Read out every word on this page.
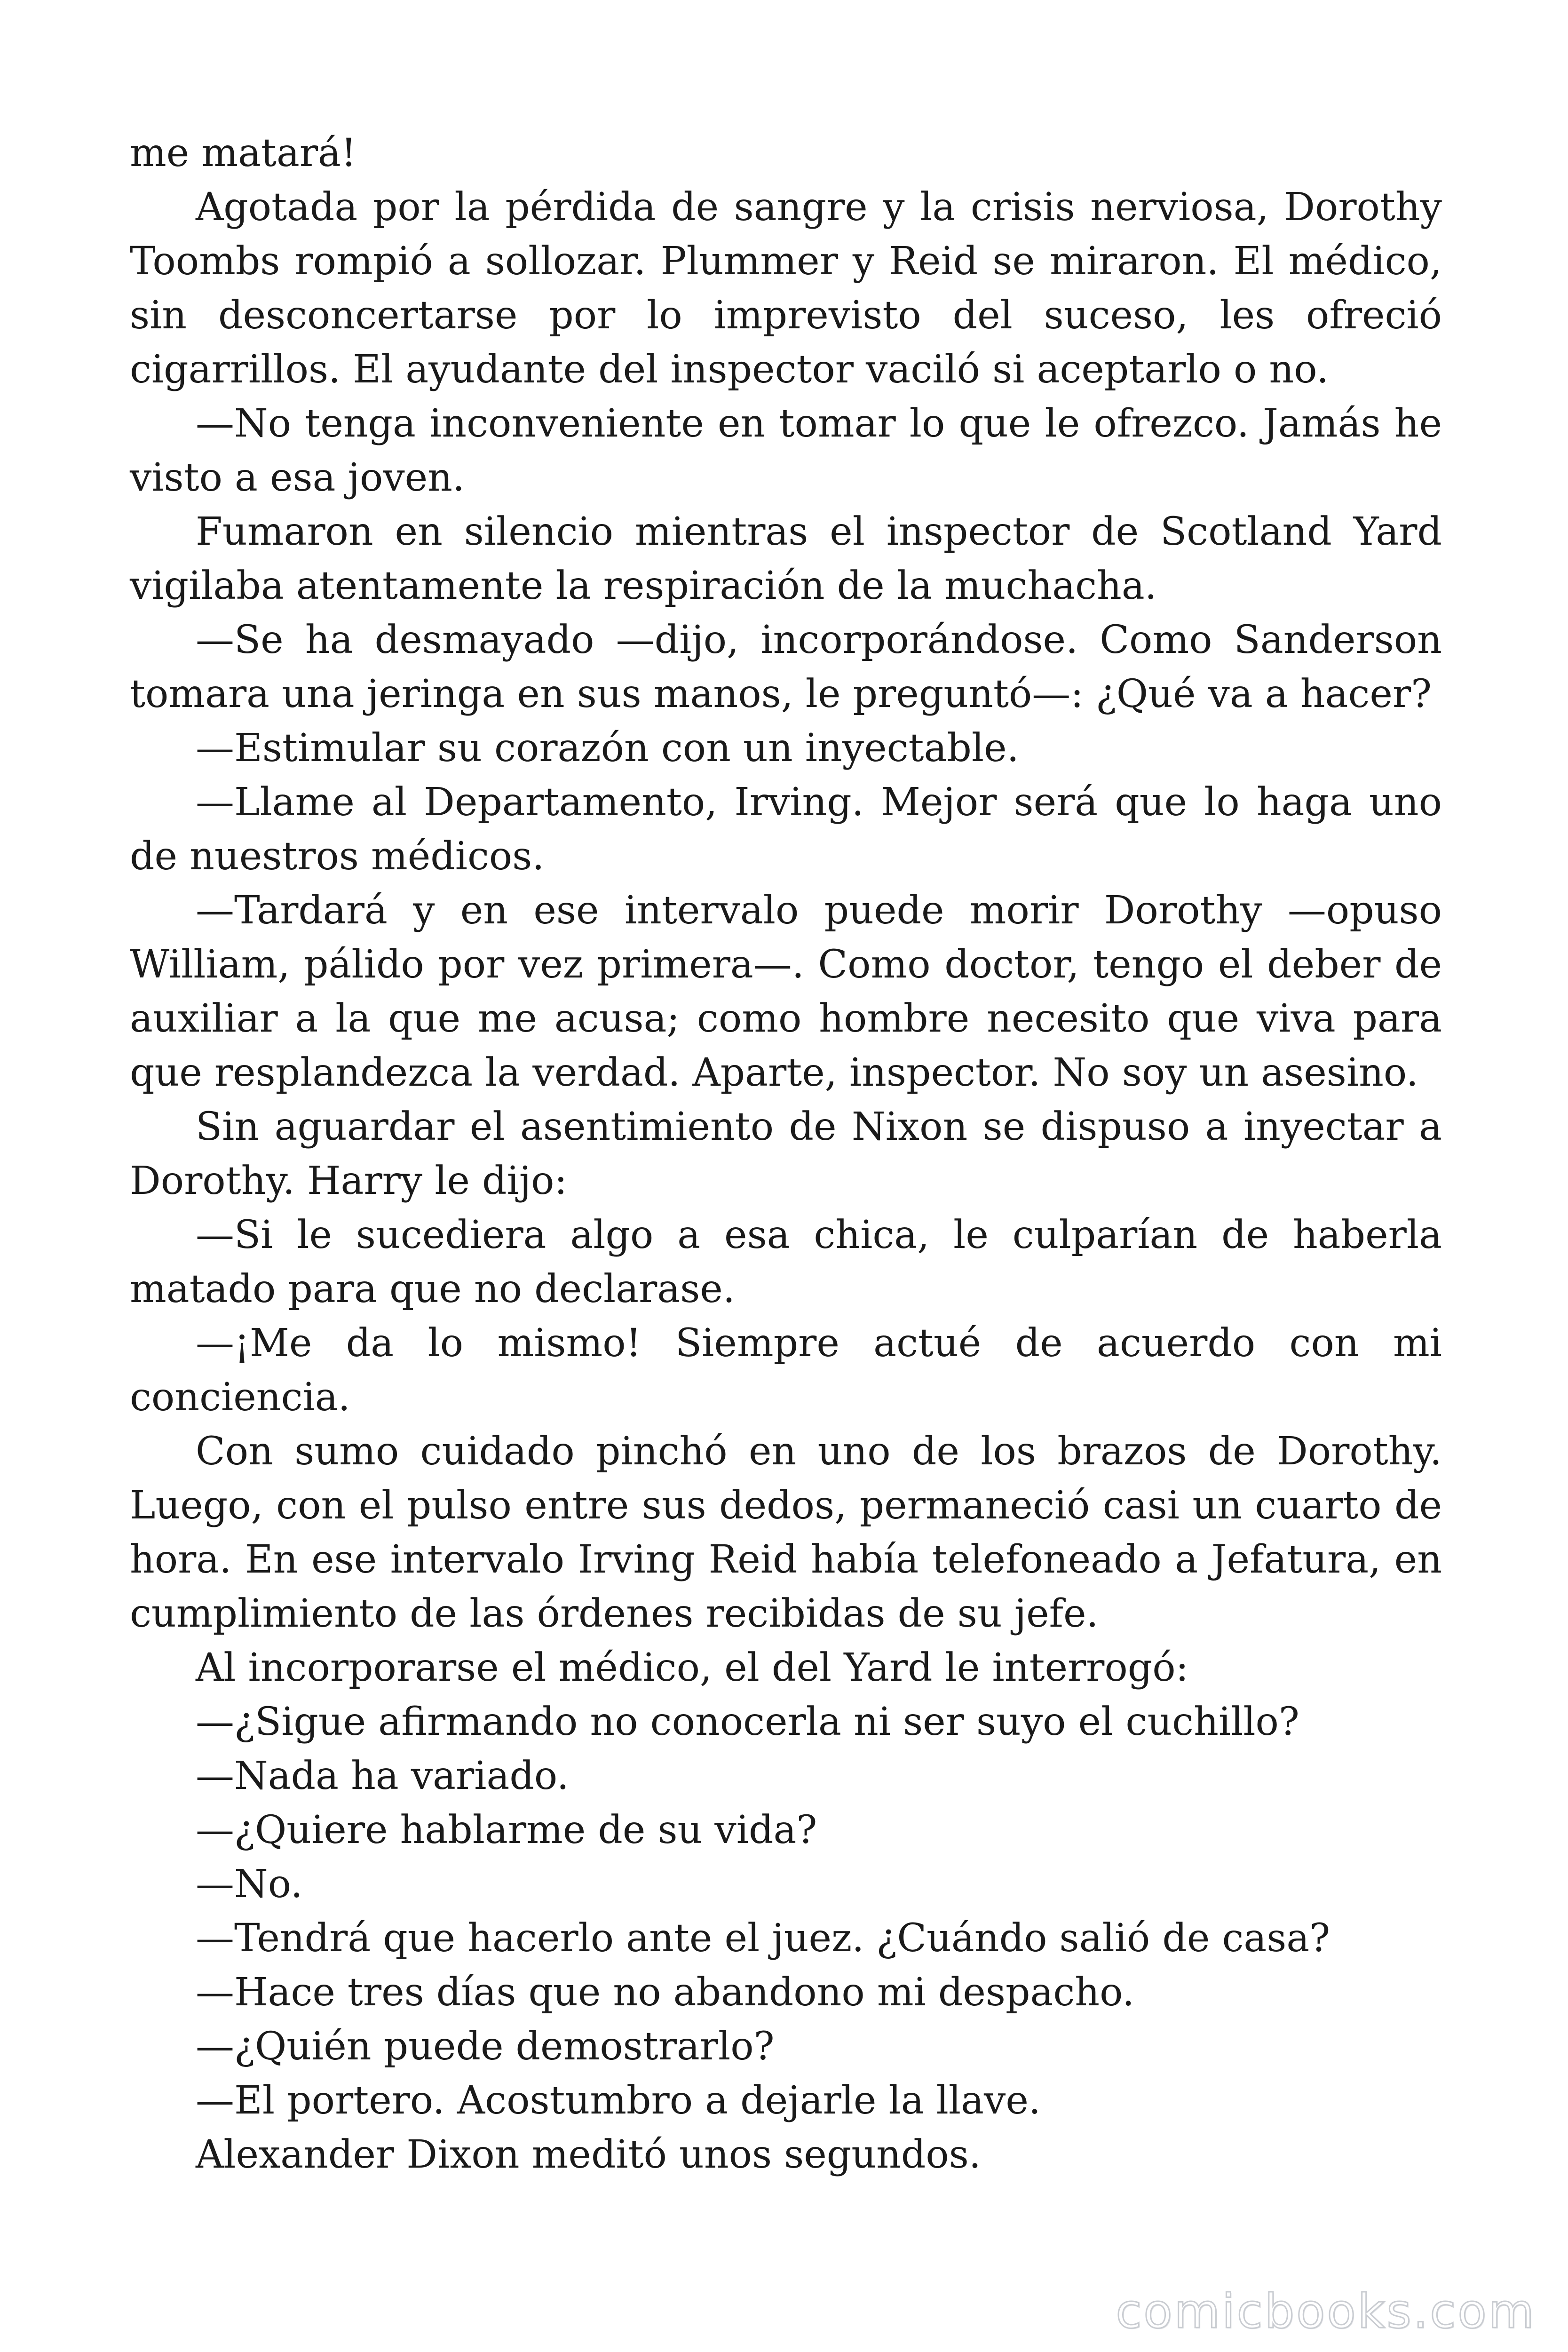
me matará!

Agotada por la pérdida de sangre y la crisis nerviosa, Dorothy Toombs rompió a sollozar. Plummer y Reid se miraron. El médico, sin desconcertarse por lo imprevisto del suceso, les ofreció cigarrillos. El ayudante del inspector vaciló si aceptarlo o no.

—No tenga inconveniente en tomar lo que le ofrezco. Jamás he visto a esa joven.

Fumaron en silencio mientras el inspector de Scotland Yard vigilaba atentamente la respiración de la muchacha.

—Se ha desmayado —dijo, incorporándose. Como Sanderson tomara una jeringa en sus manos, le preguntó—: ¿Qué va a hacer?

—Estimular su corazón con un inyectable.

—Llame al Departamento, Irving. Mejor será que lo haga uno de nuestros médicos.

—Tardará y en ese intervalo puede morir Dorothy —opuso William, pálido por vez primera—. Como doctor, tengo el deber de auxiliar a la que me acusa; como hombre necesito que viva para que resplandezca la verdad. Aparte, inspector. No soy un asesino.

Sin aguardar el asentimiento de Nixon se dispuso a inyectar a Dorothy. Harry le dijo:

—Si le sucediera algo a esa chica, le culparían de haberla matado para que no declarase.

—¡Me da lo mismo! Siempre actué de acuerdo con mi conciencia.

Con sumo cuidado pinchó en uno de los brazos de Dorothy. Luego, con el pulso entre sus dedos, permaneció casi un cuarto de hora. En ese intervalo Irving Reid había telefoneado a Jefatura, en cumplimiento de las órdenes recibidas de su jefe.

Al incorporarse el médico, el del Yard le interrogó:

—¿Sigue afirmando no conocerla ni ser suyo el cuchillo?

—Nada ha variado.

—¿Quiere hablarme de su vida?

—No.

—Tendrá que hacerlo ante el juez. ¿Cuándo salió de casa?

—Hace tres días que no abandono mi despacho.

—¿Quién puede demostrarlo?

—El portero. Acostumbro a dejarle la llave.

Alexander Dixon meditó unos segundos.

comicbooks.com
